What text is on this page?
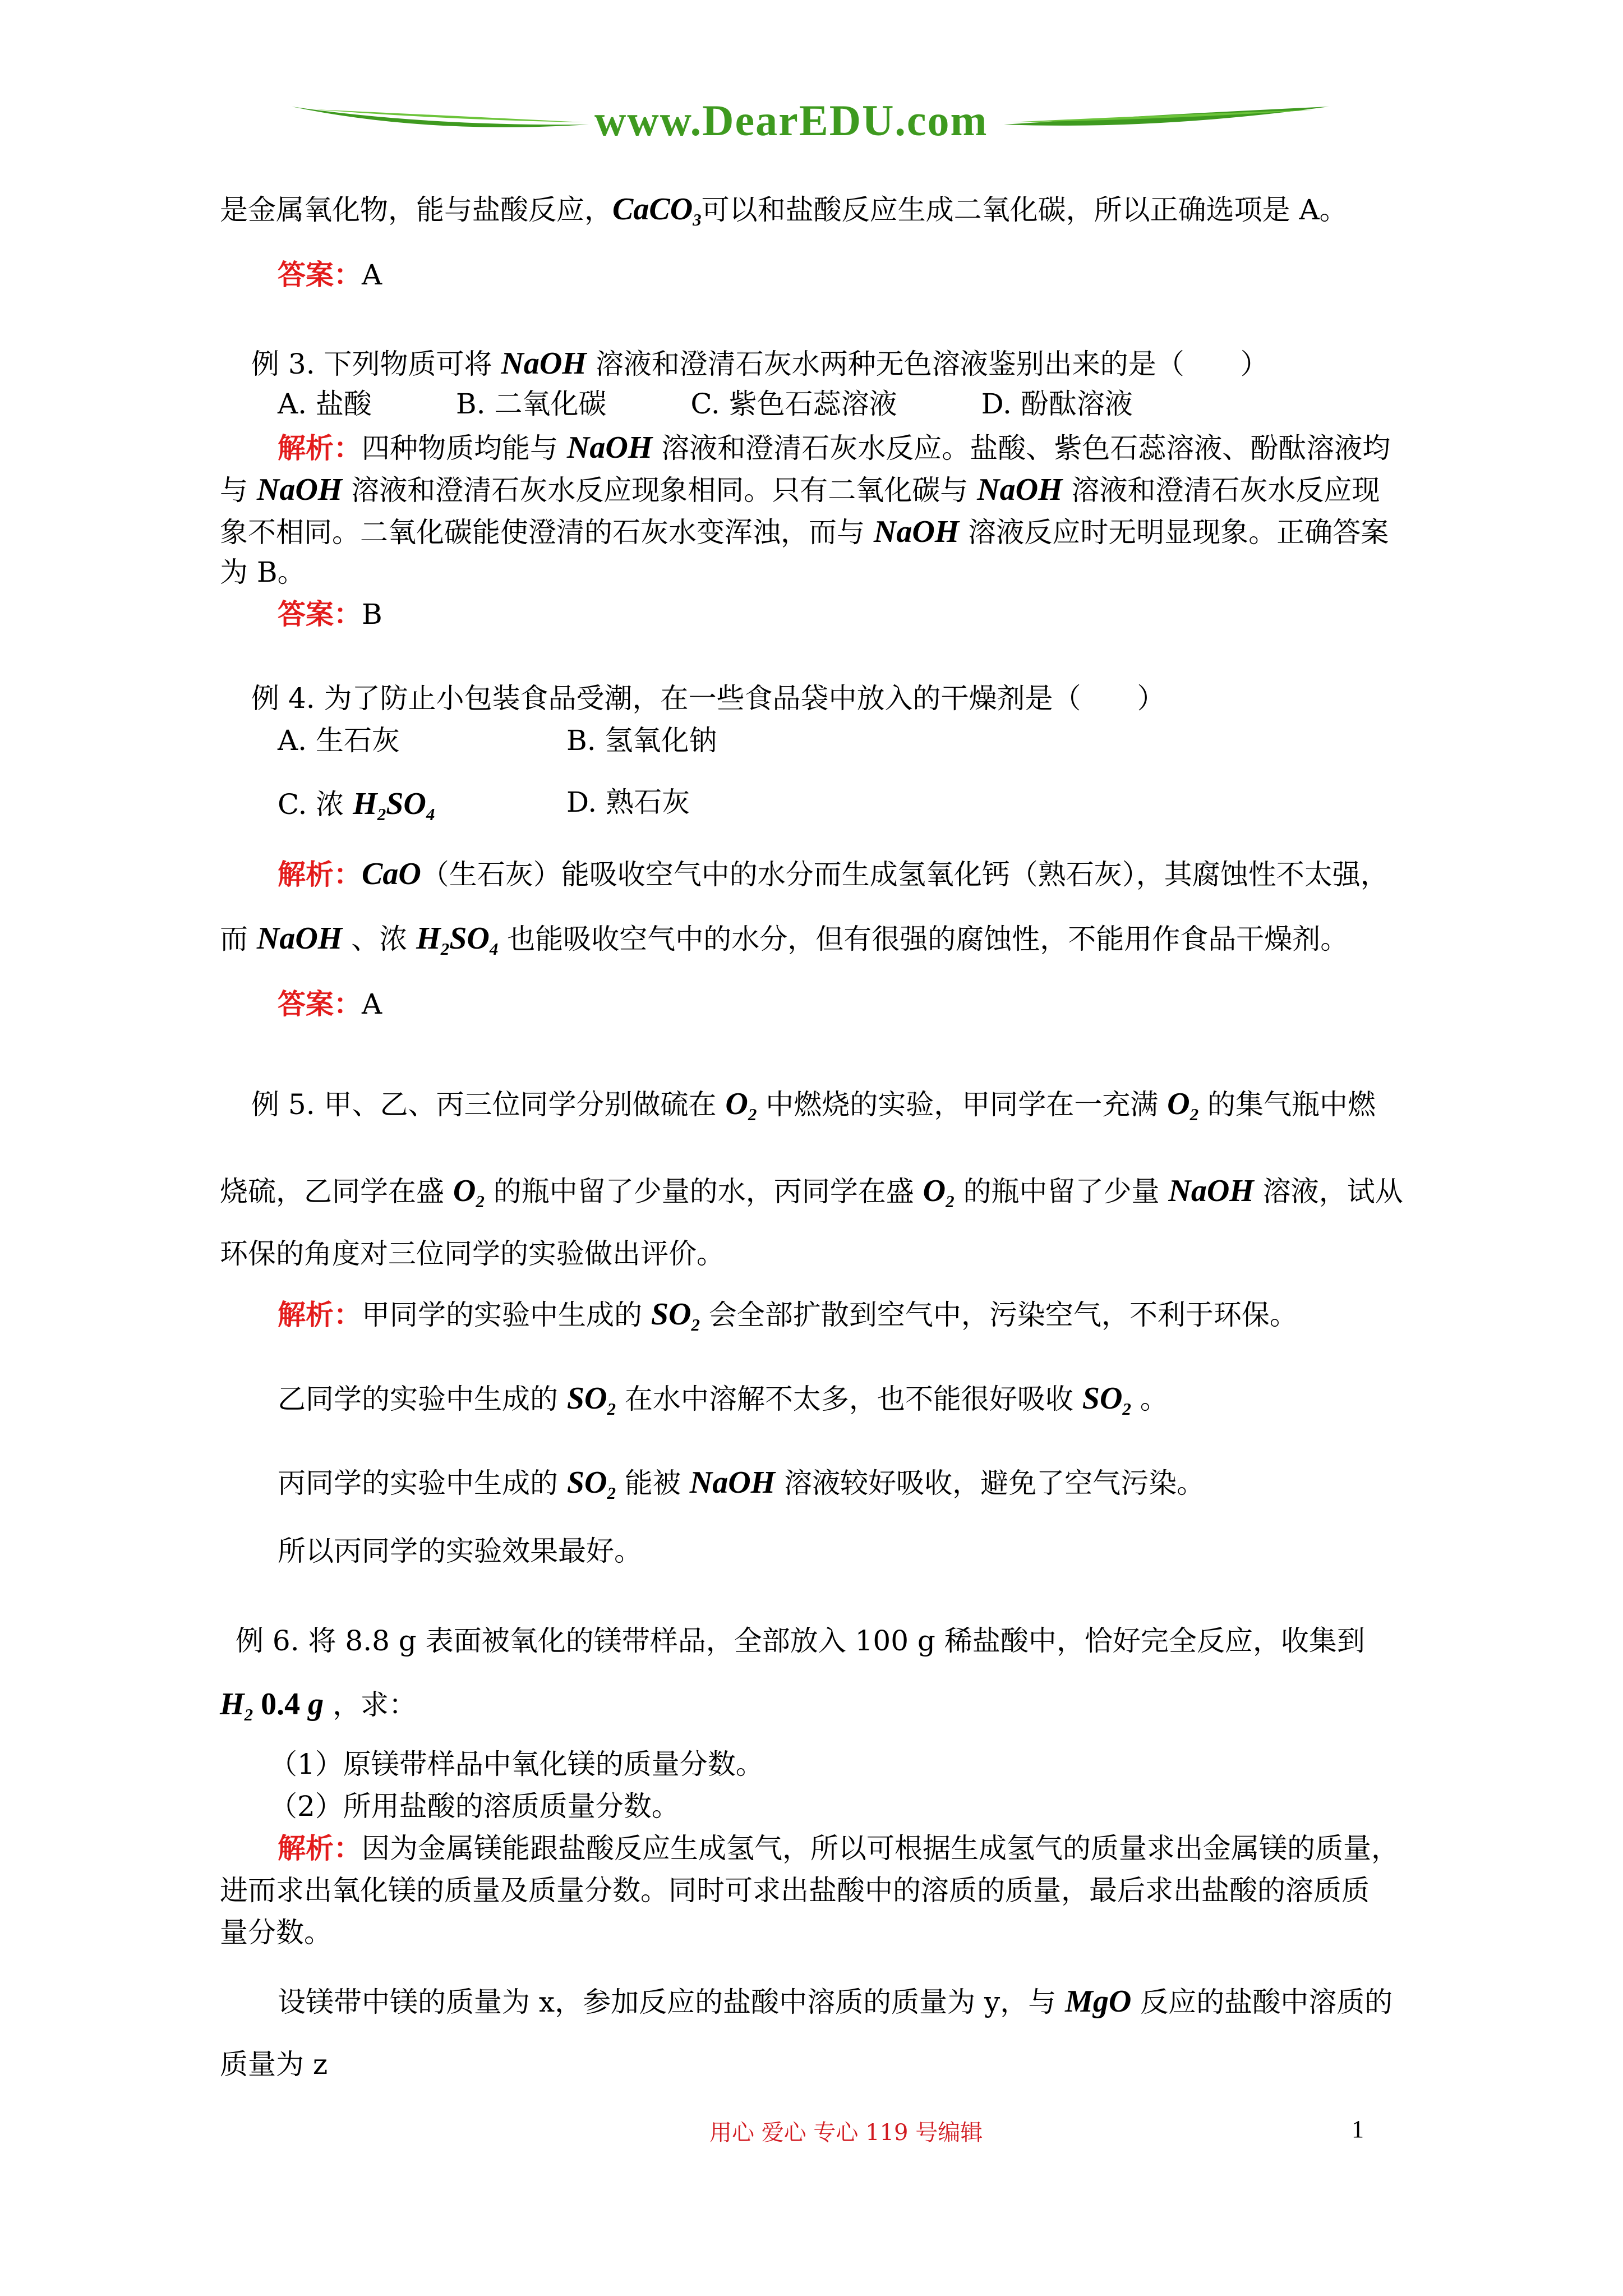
www.DearEDU.com
是金属氧化物，能与盐酸反应，CaCO$_3$可以和盐酸反应生成二氧化碳，所以正确选项是 A。
答案：A
例 3. 下列物质可将 NaOH 溶液和澄清石灰水两种无色溶液鉴别出来的是（　　）
A. 盐酸　　　B. 二氧化碳　　　C. 紫色石蕊溶液　　　D. 酚酞溶液
解析：四种物质均能与 NaOH 溶液和澄清石灰水反应。盐酸、紫色石蕊溶液、酚酞溶液均
与 NaOH 溶液和澄清石灰水反应现象相同。只有二氧化碳与 NaOH 溶液和澄清石灰水反应现
象不相同。二氧化碳能使澄清的石灰水变浑浊，而与 NaOH 溶液反应时无明显现象。正确答案
为 B。
答案：B
例 4. 为了防止小包装食品受潮，在一些食品袋中放入的干燥剂是（　　）
A. 生石灰	B. 氢氧化钠
C. 浓 $H_2SO_4$	D. 熟石灰
解析：CaO（生石灰）能吸收空气中的水分而生成氢氧化钙（熟石灰），其腐蚀性不太强，
而 NaOH 、浓 $H_2SO_4$ 也能吸收空气中的水分，但有很强的腐蚀性，不能用作食品干燥剂。
答案：A
例 5. 甲、乙、丙三位同学分别做硫在 $O_2$ 中燃烧的实验，甲同学在一充满 $O_2$ 的集气瓶中燃
烧硫，乙同学在盛 $O_2$ 的瓶中留了少量的水，丙同学在盛 $O_2$ 的瓶中留了少量 NaOH 溶液，试从
环保的角度对三位同学的实验做出评价。
解析：甲同学的实验中生成的 $SO_2$ 会全部扩散到空气中，污染空气，不利于环保。
乙同学的实验中生成的 $SO_2$ 在水中溶解不太多，也不能很好吸收 $SO_2$ 。
丙同学的实验中生成的 $SO_2$ 能被 NaOH 溶液较好吸收，避免了空气污染。
所以丙同学的实验效果最好。
例 6. 将 8.8 g 表面被氧化的镁带样品，全部放入 100 g 稀盐酸中，恰好完全反应，收集到
$H_2$ 0.4 g ，求：
（1）原镁带样品中氧化镁的质量分数。
（2）所用盐酸的溶质质量分数。
解析：因为金属镁能跟盐酸反应生成氢气，所以可根据生成氢气的质量求出金属镁的质量，
进而求出氧化镁的质量及质量分数。同时可求出盐酸中的溶质的质量，最后求出盐酸的溶质质
量分数。
设镁带中镁的质量为 x，参加反应的盐酸中溶质的质量为 y，与 MgO 反应的盐酸中溶质的
质量为 z
用心 爱心 专心 119 号编辑	1
